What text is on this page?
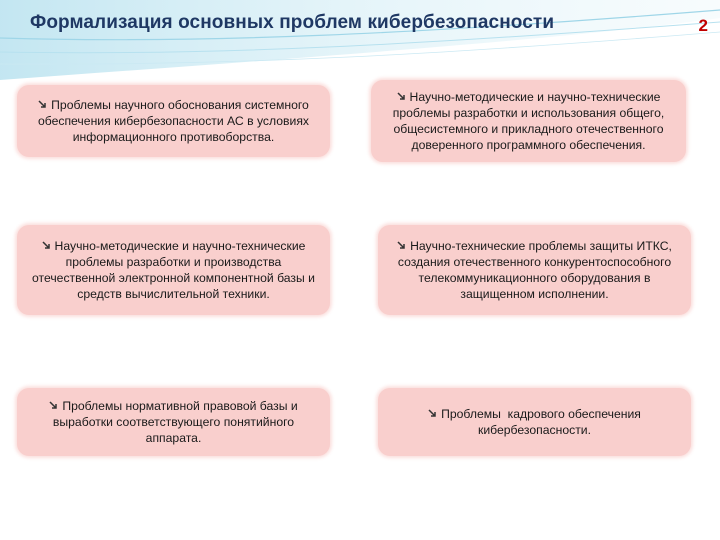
Формализация основных проблем кибербезопасности	2

Проблемы научного обоснования системного обеспечения кибербезопасности АС в условиях информационного противоборства.

Научно-методические и научно-технические проблемы разработки и использования общего, общесистемного и прикладного отечественного доверенного программного обеспечения.

Научно-методические и научно-технические проблемы разработки и производства отечественной электронной компонентной базы и средств вычислительной техники.

Научно-технические проблемы защиты ИТКС, создания отечественного конкурентоспособного телекоммуникационного оборудования в защищенном исполнении.

Проблемы нормативной правовой базы и выработки соответствующего понятийного аппарата.

Проблемы  кадрового обеспечения кибербезопасности.
